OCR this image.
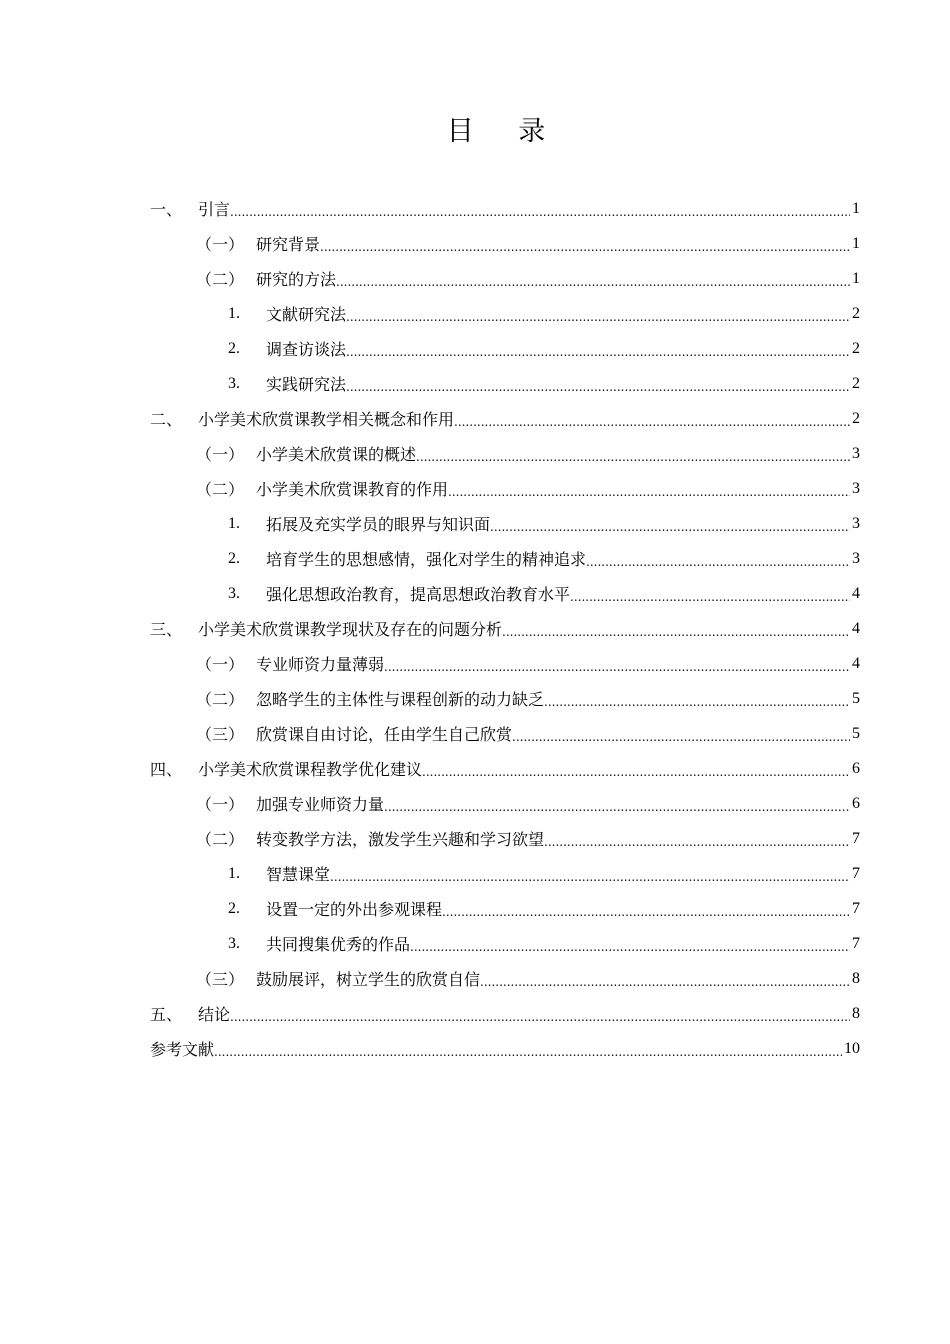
目 录
一、 引言 .....	1
（一） 研究背景 .....	1
（二） 研究的方法 .....	1
1.	文献研究法 .....	2
2.	调查访谈法 .....	2
3.	实践研究法 .....	2
二、 小学美术欣赏课教学相关概念和作用 .....	2
（一） 小学美术欣赏课的概述 .....	3
（二） 小学美术欣赏课教育的作用 .....	3
1.	拓展及充实学员的眼界与知识面 .....	3
2.	培育学生的思想感情，强化对学生的精神追求 .....	3
3.	强化思想政治教育，提高思想政治教育水平 .....	4
三、 小学美术欣赏课教学现状及存在的问题分析 .....	4
（一） 专业师资力量薄弱 .....	4
（二） 忽略学生的主体性与课程创新的动力缺乏 .....	5
（三） 欣赏课自由讨论，任由学生自己欣赏 .....	5
四、 小学美术欣赏课程教学优化建议 .....	6
（一） 加强专业师资力量 .....	6
（二） 转变教学方法，激发学生兴趣和学习欲望 .....	7
1.	智慧课堂 .....	7
2.	设置一定的外出参观课程 .....	7
3.	共同搜集优秀的作品 .....	7
（三） 鼓励展评，树立学生的欣赏自信 .....	8
五、 结论 .....	8
参考文献 .....	10
